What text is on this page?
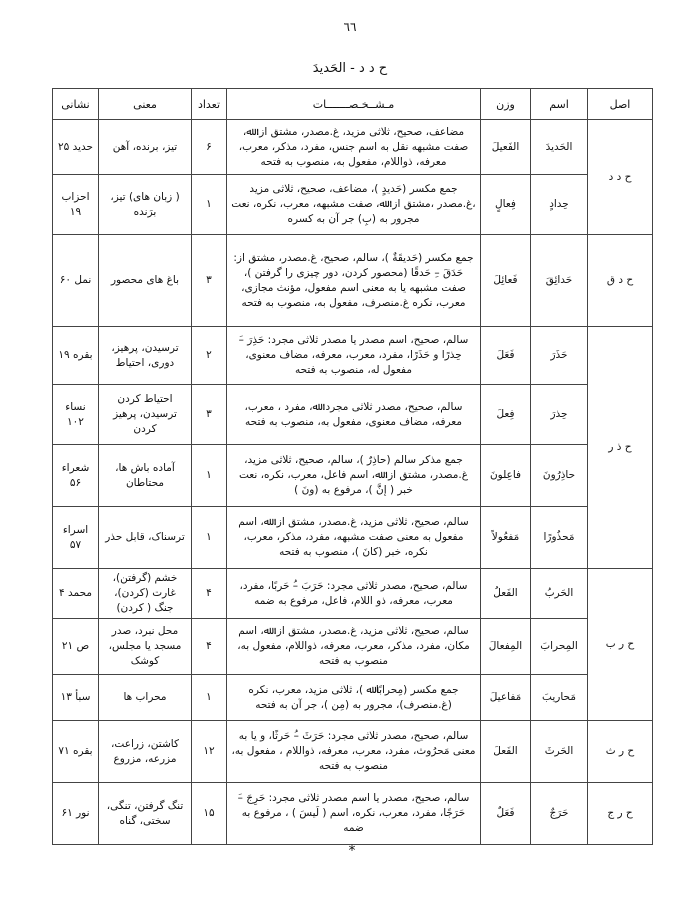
٦٦
ح د د - الحَدیدَ
اصل	اسم	وزن	مـشــخـصـــــــات	تعداد	معنی	نشانی
ح د د	الحَدیدَ	الفَعیلَ	مضاعف، صحیح، ثلاثی مزید، غ.مصدر، مشتق از: ﷲ، صفت مشبهه نقل به اسم جنس، مفرد، مذکر، معرب، معرفه، ذواللام، مفعول به، منصوب به فتحه	۶	تیز، برنده، آهن	حدید ۲۵
	حِدادٍ	فِعالٍ	جمع مکسر (حَدیدٍ )، مضاعف، صحیح، ثلاثی مزید ،غ.مصدر ،مشتق از: ﷲ، صفت مشبهه، معرب، نکره، نعت مجرور به (بِ) جر آن به کسره	۱	( زبان های) تیز، برَنده	احزاب ۱۹
ح د ق	حَدائِقَ	فَعائِلَ	جمع مکسر (حَدیقَةٌ )، سالم، صحیح، غ.مصدر، مشتق از: حَدَقَ –ِ حَدقًا (محصور کردن، دور چیزی را گرفتن )، صفت مشبهه یا به معنی اسم مفعول، مؤنث مجازی، معرب، نکره غ.منصرف، مفعول به، منصوب به فتحه	۳	باغ های محصور	نمل ۶۰
ح ذ ر	حَذَرَ	فَعَلَ	سالم، صحیح، اسم مصدر یا مصدر ثلاثی مجرد: حَذِرَ –َ حِذرًا و حَذَرًا، مفرد، معرب، معرفه، مضاف معنوی، مفعول له، منصوب به فتحه	۲	ترسیدن، پرهیز، دوری، احتیاط	بقره ۱۹
	حِذرَ	فِعلَ	سالم، صحیح، مصدر ثلاثی مجرد: ﷲ، مفرد ، معرب، معرفه، مضاف معنوی، مفعول به، منصوب به فتحه	۳	احتیاط کردن ترسیدن، پرهیز کردن	نساء ۱۰۲
	حاذِرُونَ	فاعِلونَ	جمع مذکر سالم (حاذِرٌ )، سالم، صحیح، ثلاثی مزید، غ.مصدر، مشتق از: ﷲ، اسم فاعل، معرب، نکره، نعت خبر ( إنَّ )، مرفوع به (ونَ )	۱	آماده باش ها، محتاطان	شعراء ۵۶
	مَحذُورًا	مَفعُولاً	سالم، صحیح، ثلاثی مزید، غ.مصدر، مشتق از: ﷲ، اسم مفعول به معنی صفت مشبهه، مفرد، مذکر، معرب، نکره، خبر (کانَ )، منصوب به فتحه	۱	ترسناک، قابل حذر	اسراء ۵۷
ح ر ب	الحَربُ	الفَعلُ	سالم، صحیح، مصدر ثلاثی مجرد: حَرَبَ –ُ حَربًا، مفرد، معرب، معرفه، ذو اللام، فاعل، مرفوع به ضمه	۴	خشم (گرفتن)، غارت (کردن)، جنگ ( کردن)	محمد ۴
	المِحرابَ	المِفعالَ	سالم، صحیح، ثلاثی مزید، غ.مصدر، مشتق از: ﷲ، اسم مکان، مفرد، مذکر، معرب، معرفه، ذواللام، مفعول به، منصوب به فتحه	۴	محل نبرد، صدر مسجد یا مجلس، کوشک	ص ۲۱
	مَحاریبَ	مَفاعیلَ	جمع مکسر (مِحرابًا ﷲ )، ثلاثی مزید، معرب، نکره (غ.منصرف)، مجرور به (مِن )، جر آن به فتحه	۱	محراب ها	سبأ ۱۳
ح ر ث	الحَرثَ	الفَعلَ	سالم، صحیح، مصدر ثلاثی مجرد: حَرَثَ –ُ حَرثًا، و یا به معنی مَحرُوث، مفرد، معرب، معرفه، ذواللام ، مفعول به، منصوب به فتحه	۱۲	کاشتن، زراعت، مزرعه، مزروع	بقره ۷۱
ح ر ج	حَرَجٌ	فَعَلٌ	سالم، صحیح، مصدر یا اسم مصدر ثلاثی مجرد: حَرِجَ –َ حَرَجًا، مفرد، معرب، نکره، اسم ( لَیسَ ) ، مرفوع به ضمه	۱۵	تنگ گرفتن، تنگی، سختی، گناه	نور ۶۱
*
